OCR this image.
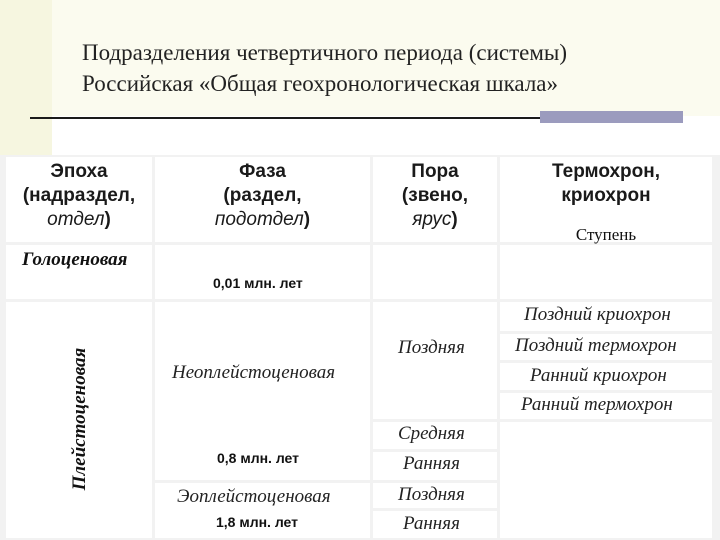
Подразделения четвертичного периода (системы)
Российская «Общая геохронологическая шкала»
Эпоха
(надраздел,
отдел)
Фаза
(раздел,
подотдел)
Пора
(звено,
ярус)
Термохрон,
криохрон
Ступень
Голоценовая
0,01 млн. лет
Неоплейстоценовая
0,8 млн. лет
Поздняя
Средняя
Ранняя
Поздний криохрон
Поздний термохрон
Ранний криохрон
Ранний термохрон
Эоплейстоценовая
1,8 млн. лет
Поздняя
Ранняя
Плейстоценовая
